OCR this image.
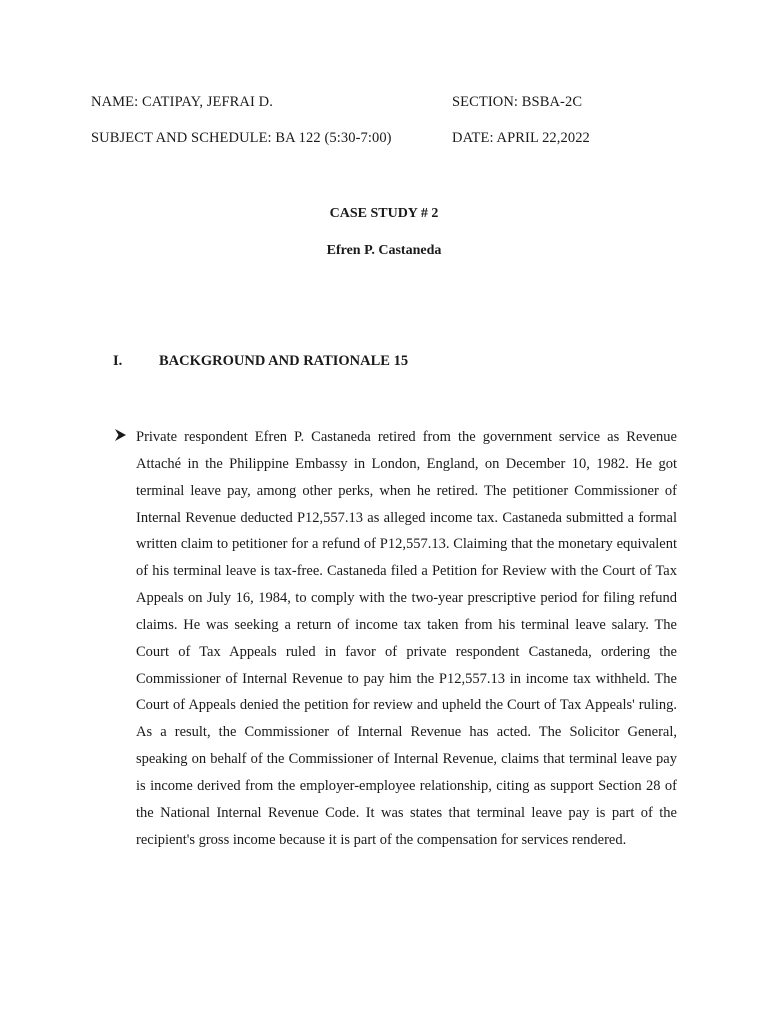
NAME: CATIPAY, JEFRAI D.	SECTION: BSBA-2C
SUBJECT AND SCHEDULE: BA 122 (5:30-7:00)	DATE: APRIL 22,2022
CASE STUDY # 2
Efren P. Castaneda
I.	BACKGROUND AND RATIONALE 15

Private respondent Efren P. Castaneda retired from the government service as Revenue Attaché in the Philippine Embassy in London, England, on December 10, 1982. He got terminal leave pay, among other perks, when he retired. The petitioner Commissioner of Internal Revenue deducted P12,557.13 as alleged income tax. Castaneda submitted a formal written claim to petitioner for a refund of P12,557.13. Claiming that the monetary equivalent of his terminal leave is tax-free. Castaneda filed a Petition for Review with the Court of Tax Appeals on July 16, 1984, to comply with the two-year prescriptive period for filing refund claims. He was seeking a return of income tax taken from his terminal leave salary. The Court of Tax Appeals ruled in favor of private respondent Castaneda, ordering the Commissioner of Internal Revenue to pay him the P12,557.13 in income tax withheld. The Court of Appeals denied the petition for review and upheld the Court of Tax Appeals' ruling. As a result, the Commissioner of Internal Revenue has acted. The Solicitor General, speaking on behalf of the Commissioner of Internal Revenue, claims that terminal leave pay is income derived from the employer-employee relationship, citing as support Section 28 of the National Internal Revenue Code. It was states that terminal leave pay is part of the recipient's gross income because it is part of the compensation for services rendered.
